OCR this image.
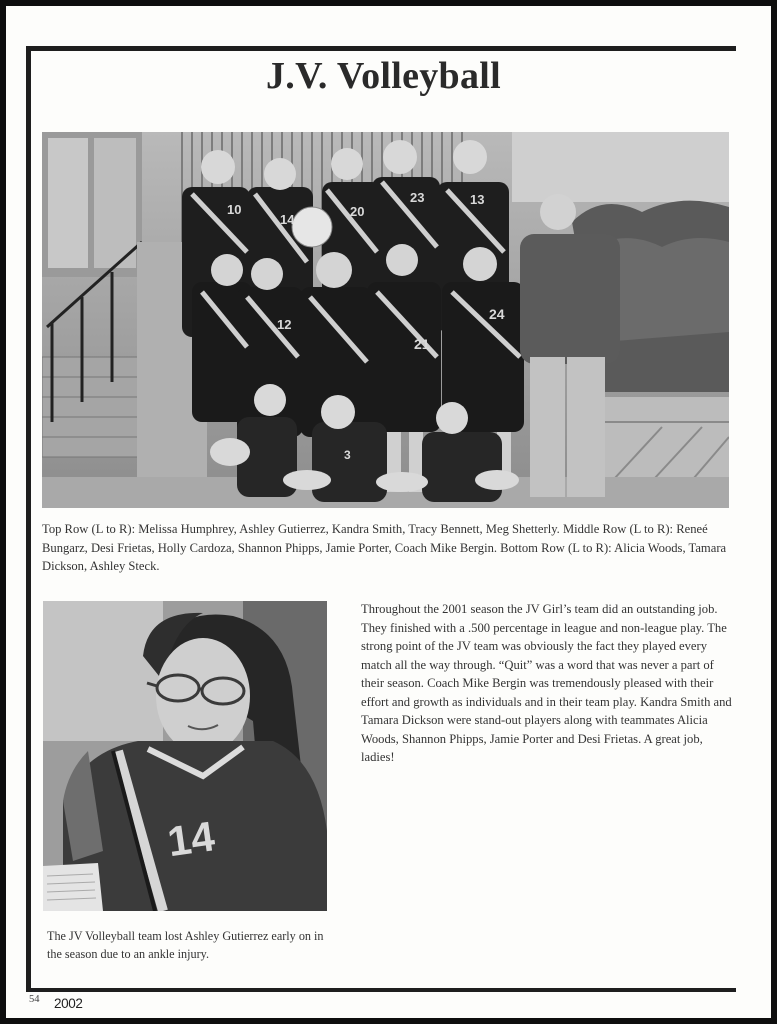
J.V. Volleyball
10
14
20
23	13
12
21
24
3

Top Row (L to R): Melissa Humphrey, Ashley Gutierrez, Kandra Smith, Tracy Bennett, Meg Shetterly. Middle Row (L to R): Reneé Bungarz, Desi Frietas, Holly Cardoza, Shannon Phipps, Jamie Porter, Coach Mike Bergin. Bottom Row (L to R): Alicia Woods, Tamara Dickson, Ashley Steck.

14

Throughout the 2001 season the JV Girl’s team did an outstanding job. They finished with a .500 percentage in league and non-league play. The strong point of the JV team was obviously the fact they played every match all the way through. “Quit” was a word that was never a part of their season. Coach Mike Bergin was tremendously pleased with their effort and growth as individuals and in their team play. Kandra Smith and Tamara Dickson were stand-out players along with teammates Alicia Woods, Shannon Phipps, Jamie Porter and Desi Frietas. A great job, ladies!

The JV Volleyball team lost Ashley Gutierrez early on in the season due to an ankle injury.

54 2002
